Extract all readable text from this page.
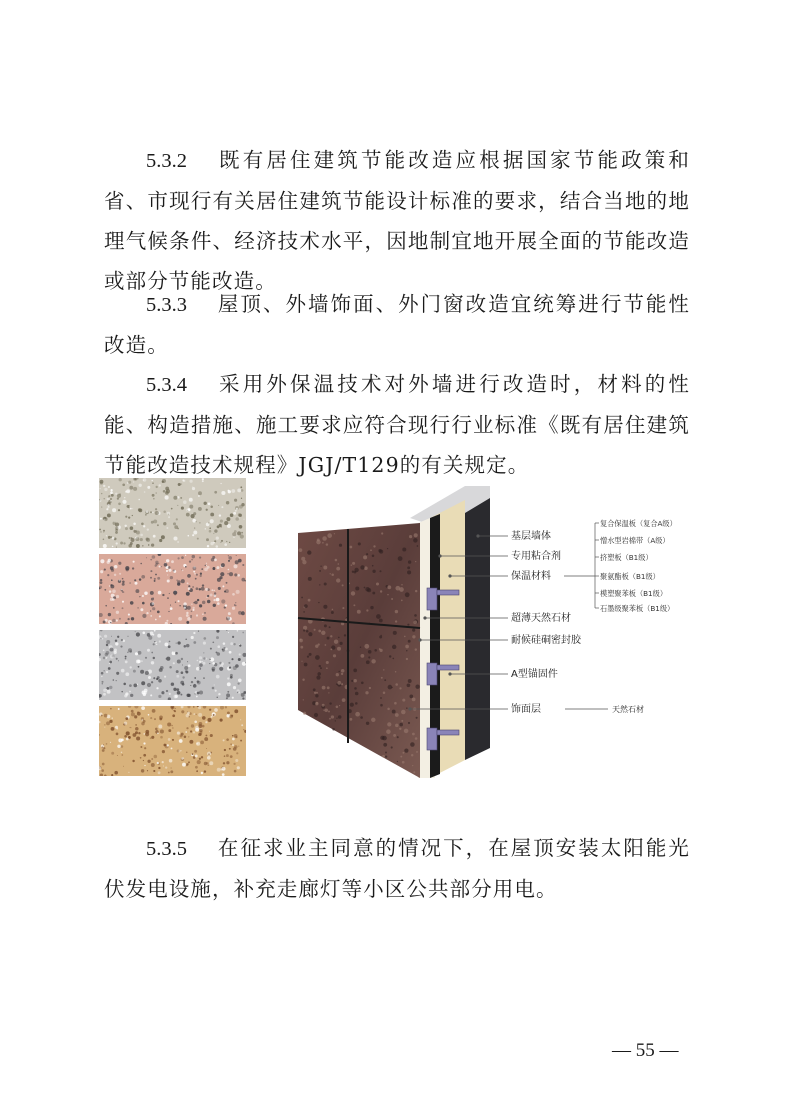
5.3.2 既有居住建筑节能改造应根据国家节能政策和省、市现行有关居住建筑节能设计标准的要求，结合当地的地理气候条件、经济技术水平，因地制宜地开展全面的节能改造或部分节能改造。

5.3.3 屋顶、外墙饰面、外门窗改造宜统筹进行节能性改造。

5.3.4 采用外保温技术对外墙进行改造时，材料的性能、构造措施、施工要求应符合现行行业标准《既有居住建筑节能改造技术规程》JGJ/T129的有关规定。

基层墙体
专用粘合剂
保温材料
超薄天然石材
耐候硅硐密封胶
A型锚固件
饰面层	天然石材
复合保温板（复合A级）
憎水型岩棉带（A级）
挤塑板（B1级）
聚氨酯板（B1级）
模塑聚苯板（B1级）
石墨级聚苯板（B1级）

5.3.5 在征求业主同意的情况下，在屋顶安装太阳能光伏发电设施，补充走廊灯等小区公共部分用电。

— 55 —
